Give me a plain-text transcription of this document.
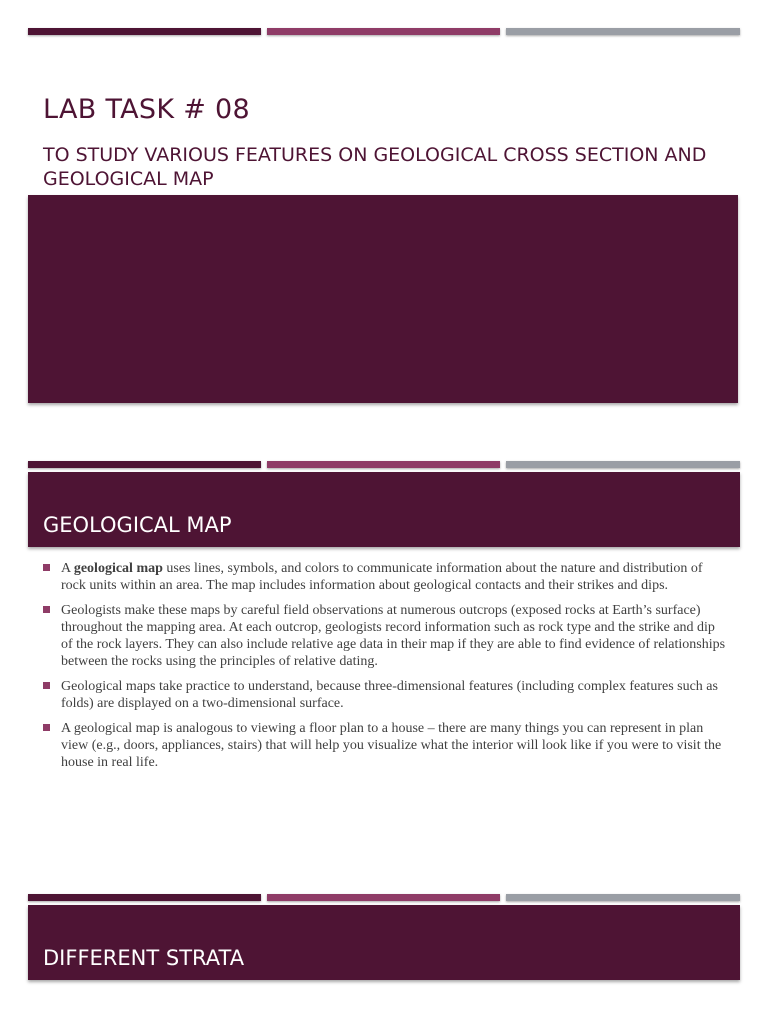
LAB TASK # 08
TO STUDY VARIOUS FEATURES ON GEOLOGICAL CROSS SECTION AND GEOLOGICAL MAP
GEOLOGICAL MAP
A geological map uses lines, symbols, and colors to communicate information about the nature and distribution of rock units within an area. The map includes information about geological contacts and their strikes and dips.
Geologists make these maps by careful field observations at numerous outcrops (exposed rocks at Earth’s surface) throughout the mapping area. At each outcrop, geologists record information such as rock type and the strike and dip of the rock layers. They can also include relative age data in their map if they are able to find evidence of relationships between the rocks using the principles of relative dating.
Geological maps take practice to understand, because three-dimensional features (including complex features such as folds) are displayed on a two-dimensional surface.
A geological map is analogous to viewing a floor plan to a house – there are many things you can represent in plan view (e.g., doors, appliances, stairs) that will help you visualize what the interior will look like if you were to visit the house in real life.
DIFFERENT STRATA
